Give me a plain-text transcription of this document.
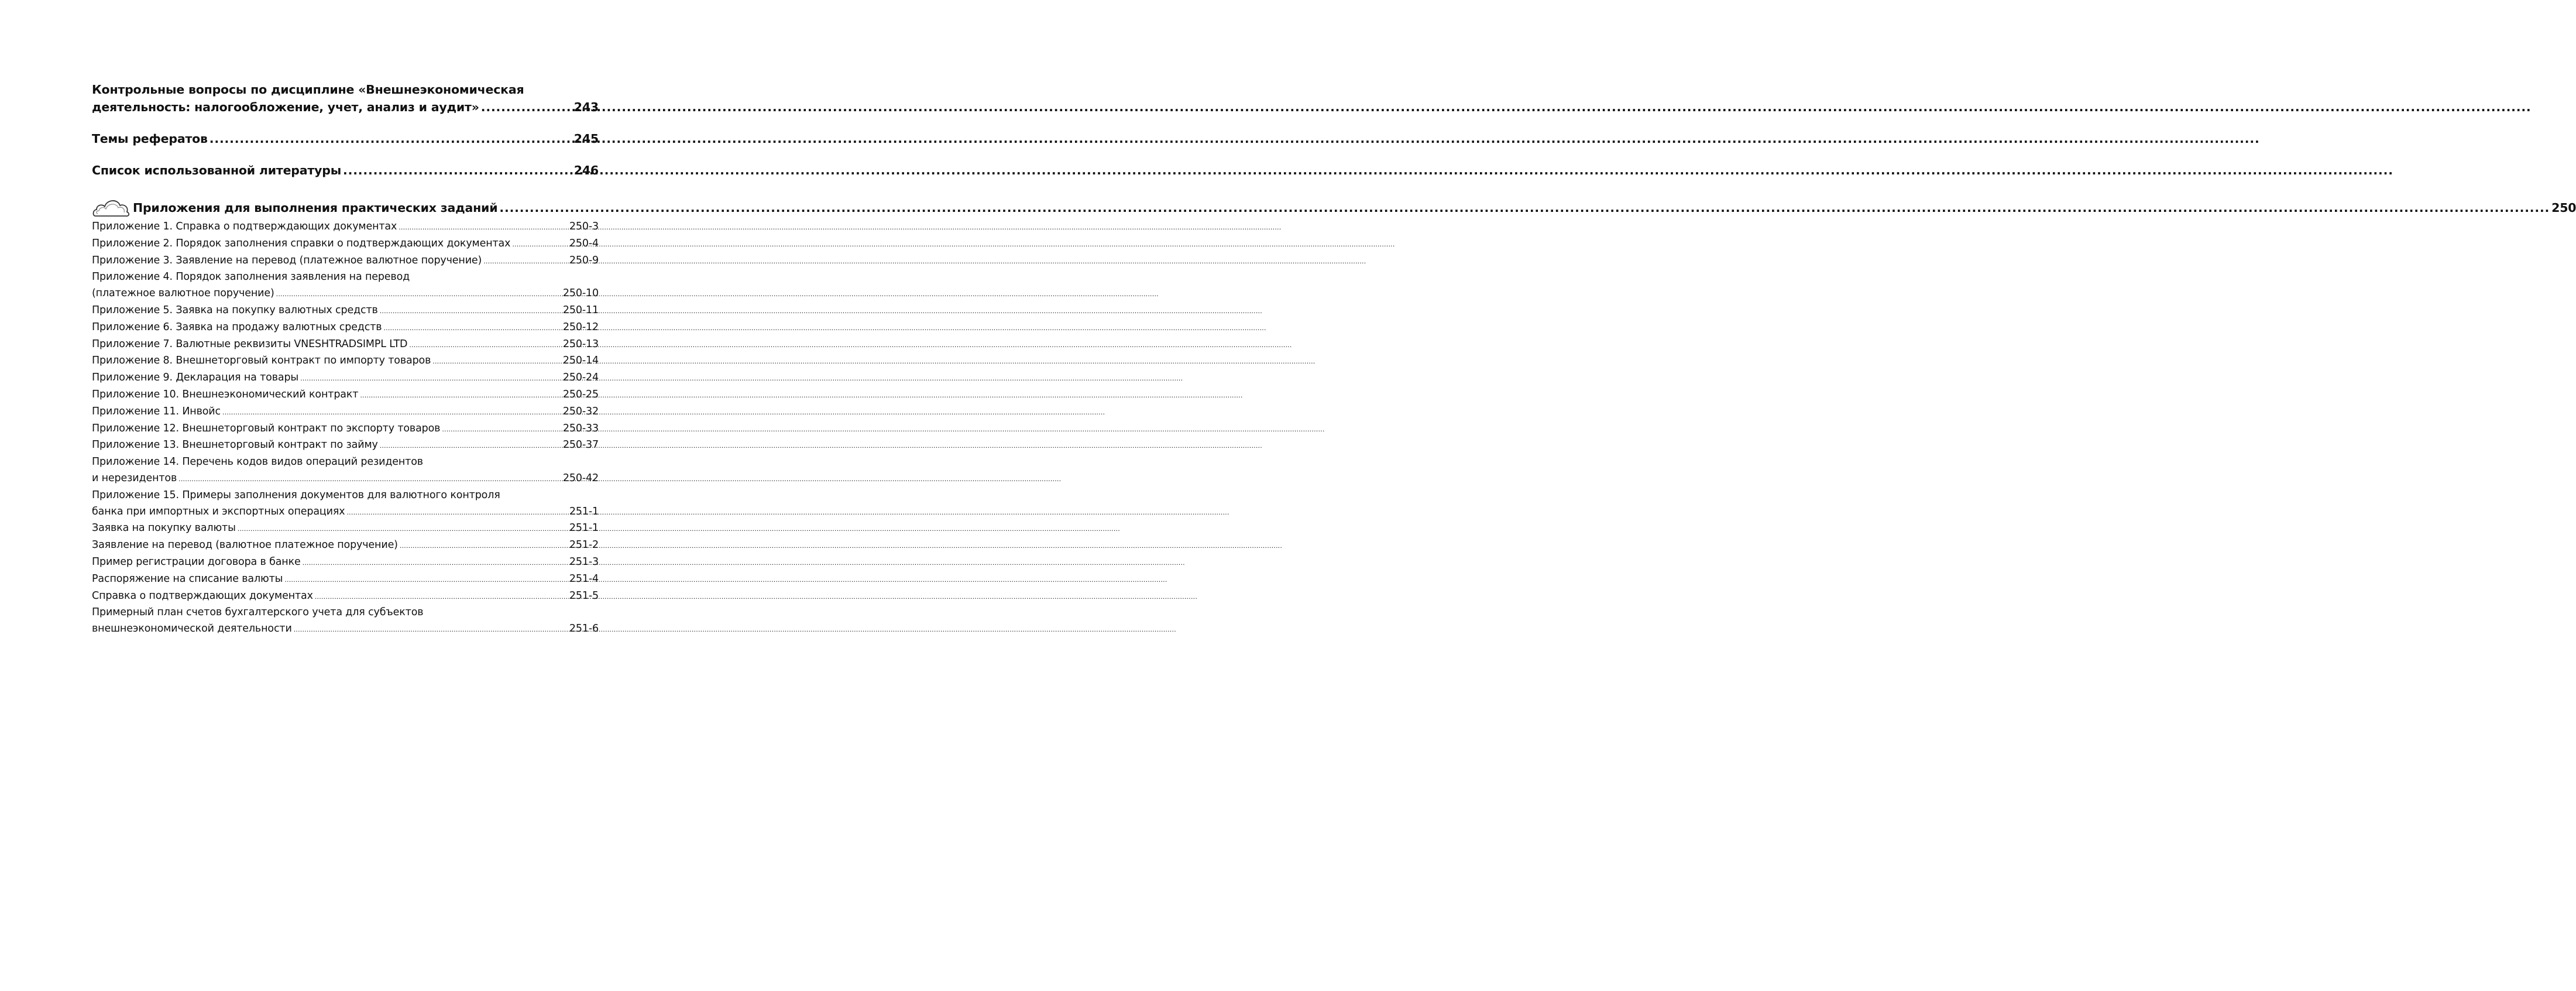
Контрольные вопросы по дисциплине «Внешнеэкономическая
деятельность: налогообложение, учет, анализ и аудит» .....	243
Темы рефератов .....	245
Список использованной литературы .....	246
Приложения для выполнения практических заданий .....	250
Приложение 1. Справка о подтверждающих документах .....	250-3
Приложение 2. Порядок заполнения справки о подтверждающих документах .....	250-4
Приложение 3. Заявление на перевод (платежное валютное поручение) .....	250-9
Приложение 4. Порядок заполнения заявления на перевод
(платежное валютное поручение) .....	250-10
Приложение 5. Заявка на покупку валютных средств .....	250-11
Приложение 6. Заявка на продажу валютных средств .....	250-12
Приложение 7. Валютные реквизиты VNESHTRADSIMPL LTD .....	250-13
Приложение 8. Внешнеторговый контракт по импорту товаров .....	250-14
Приложение 9. Декларация на товары .....	250-24
Приложение 10. Внешнеэкономический контракт .....	250-25
Приложение 11. Инвойс .....	250-32
Приложение 12. Внешнеторговый контракт по экспорту товаров .....	250-33
Приложение 13. Внешнеторговый контракт по займу .....	250-37
Приложение 14. Перечень кодов видов операций резидентов
и нерезидентов .....	250-42
Приложение 15. Примеры заполнения документов для валютного контроля
банка при импортных и экспортных операциях .....	251-1
Заявка на покупку валюты .....	251-1
Заявление на перевод (валютное платежное поручение) .....	251-2
Пример регистрации договора в банке .....	251-3
Распоряжение на списание валюты .....	251-4
Справка о подтверждающих документах .....	251-5
Примерный план счетов бухгалтерского учета для субъектов
внешнеэкономической деятельности .....	251-6
